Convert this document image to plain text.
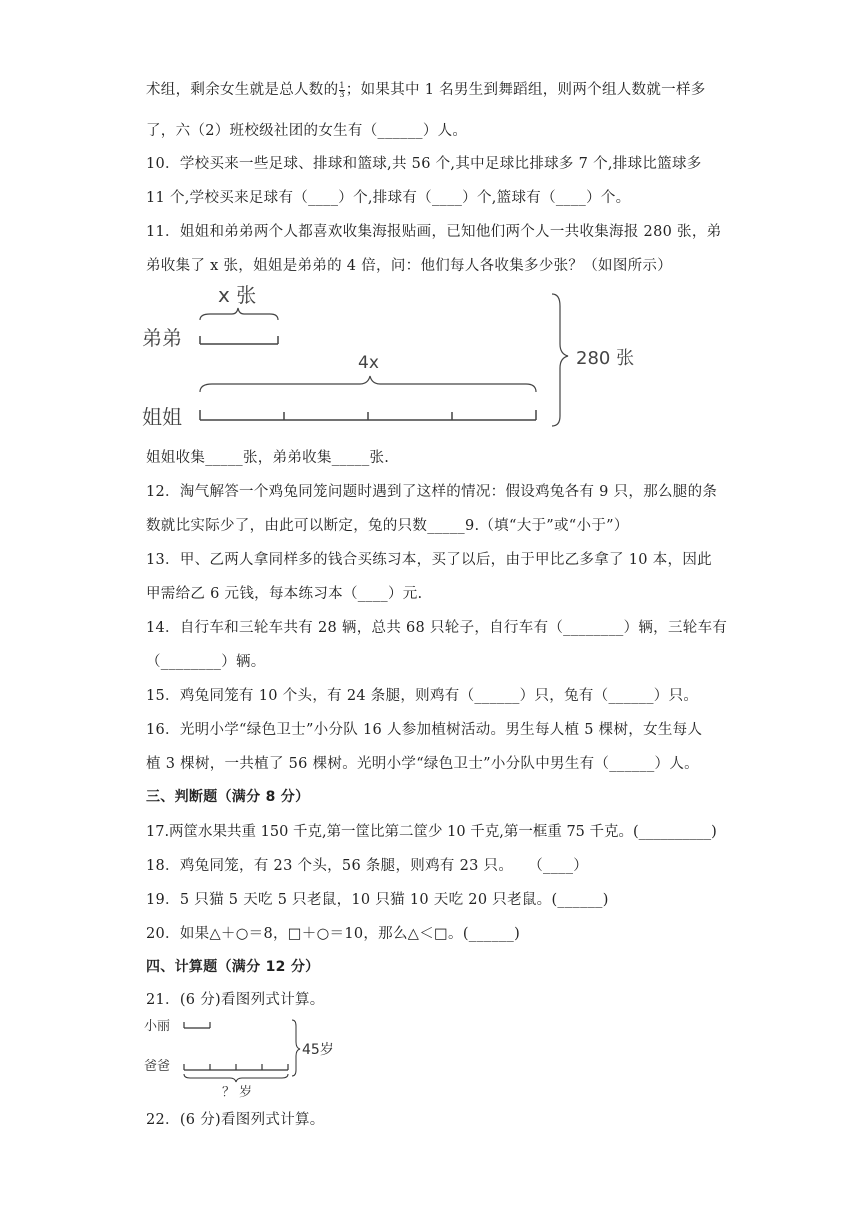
术组，剩余女生就是总人数的 $\frac{1}{3}$ ；如果其中 1 名男生到舞蹈组，则两个组人数就一样多
了，六（2）班校级社团的女生有（______）人。
10．学校买来一些足球、排球和篮球,共 56 个,其中足球比排球多 7 个,排球比篮球多
11 个,学校买来足球有（____）个,排球有（____）个,篮球有（____）个。
11．姐姐和弟弟两个人都喜欢收集海报贴画，已知他们两个人一共收集海报 280 张，弟
弟收集了 x 张，姐姐是弟弟的 4 倍，问：他们每人各收集多少张？（如图所示）
x 张
弟弟
4x
姐姐
280 张
姐姐收集_____张，弟弟收集_____张.
12．淘气解答一个鸡兔同笼问题时遇到了这样的情况：假设鸡兔各有 9 只，那么腿的条
数就比实际少了，由此可以断定，兔的只数_____9.（填“大于”或“小于”）
13．甲、乙两人拿同样多的钱合买练习本，买了以后，由于甲比乙多拿了 10 本，因此
甲需给乙 6 元钱，每本练习本（____）元.
14．自行车和三轮车共有 28 辆，总共 68 只轮子，自行车有（________）辆，三轮车有
（________）辆。
15．鸡兔同笼有 10 个头，有 24 条腿，则鸡有（______）只，兔有（______）只。
16．光明小学“绿色卫士”小分队 16 人参加植树活动。男生每人植 5 棵树，女生每人
植 3 棵树，一共植了 56 棵树。光明小学“绿色卫士”小分队中男生有（______）人。
三、判断题（满分 8 分）
17.两筐水果共重 150 千克,第一筐比第二筐少 10 千克,第一框重 75 千克。(__________)
18．鸡兔同笼，有 23 个头，56 条腿，则鸡有 23 只。　　（____）
19．5 只猫 5 天吃 5 只老鼠，10 只猫 10 天吃 20 只老鼠。(______)
20．如果△＋○＝8，□＋○＝10，那么△＜□。(______)
四、计算题（满分 12 分）
21．(6 分)看图列式计算。
小丽
爸爸
？ 岁
45岁
22．(6 分)看图列式计算。
